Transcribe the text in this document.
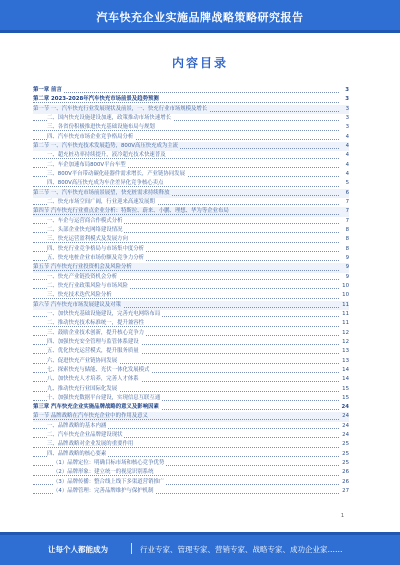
汽车快充企业实施品牌战略策略研究报告
内容目录
第一章 前言	3
第二章 2023-2028年汽车快充市场前景及趋势预测	3
第一节 一、汽车快充行业发展现状及前景，一、快充行业市场规模及增长	3
二、国内快充设施建设加速，政策推动市场快速增长	3
三、各省份积极推进快充基础设施布局与规划	3
四、汽车快充市场企业竞争格局分析	4
第二节 一、汽车快充技术发展趋势，800V高压快充成为主流	4
一、超充桩功率持续提升，液冷超充技术快速普及	4
二、车企加速布局800V平台车型	4
三、800V平台带动碳化硅器件需求增长，产业链协同发展	4
四、800V高压快充成为车企差异化竞争核心卖点	5
第三节 一、汽车快充市场前景展望，快充桩需求持续释放	6
二、快充市场空间广阔，行业迎来高速发展期	7
第四节 汽车快充行业重点企业分析：特斯拉、蔚来、小鹏、理想、华为等企业布局	7
一、车企与运营商合作模式分析	7
二、头部企业快充网络建设情况	8
三、快充运营盈利模式及发展方向	8
四、快充行业竞争格局与市场集中度分析	8
五、快充电桩企业市场份额及竞争力分析	9
第五节 汽车快充行业投资机会及风险分析	9
一、快充产业链投资机会分析	9
二、快充行业政策风险与市场风险	10
三、快充技术迭代风险分析	10
第六节 汽车快充市场发展建议及对策	11
一、加快快充基础设施建设，完善充电网络布局	11
二、推动快充技术标准统一，提升兼容性	11
三、鼓励企业技术创新，提升核心竞争力	12
四、加强快充安全管理与监管体系建设	12
五、优化快充运营模式，提升服务质量	13
六、促进快充产业链协同发展	13
七、探索快充与储能、光伏一体化发展模式	14
八、加快快充人才培养，完善人才体系	14
九、推动快充行业国际化发展	15
十、加强快充数据平台建设，实现信息互联互通	15
第三章 汽车快充企业实施品牌战略的意义及影响因素	24
第一节 品牌战略在汽车快充企业中的作用及意义	24
一、品牌战略的基本内涵	24
二、汽车快充企业品牌建设现状	24
三、品牌战略对企业发展的重要作用	25
四、品牌战略的核心要素	25
（1）品牌定位：明确目标市场和核心竞争优势	25
（2）品牌形象：建立统一的视觉识别系统	26
（3）品牌传播：整合线上线下多渠道营销推广	26
（4）品牌管理：完善品牌维护与保护机制	27
1
让每个人都能成为	行业专家、管理专家、营销专家、战略专家、成功企业家……
